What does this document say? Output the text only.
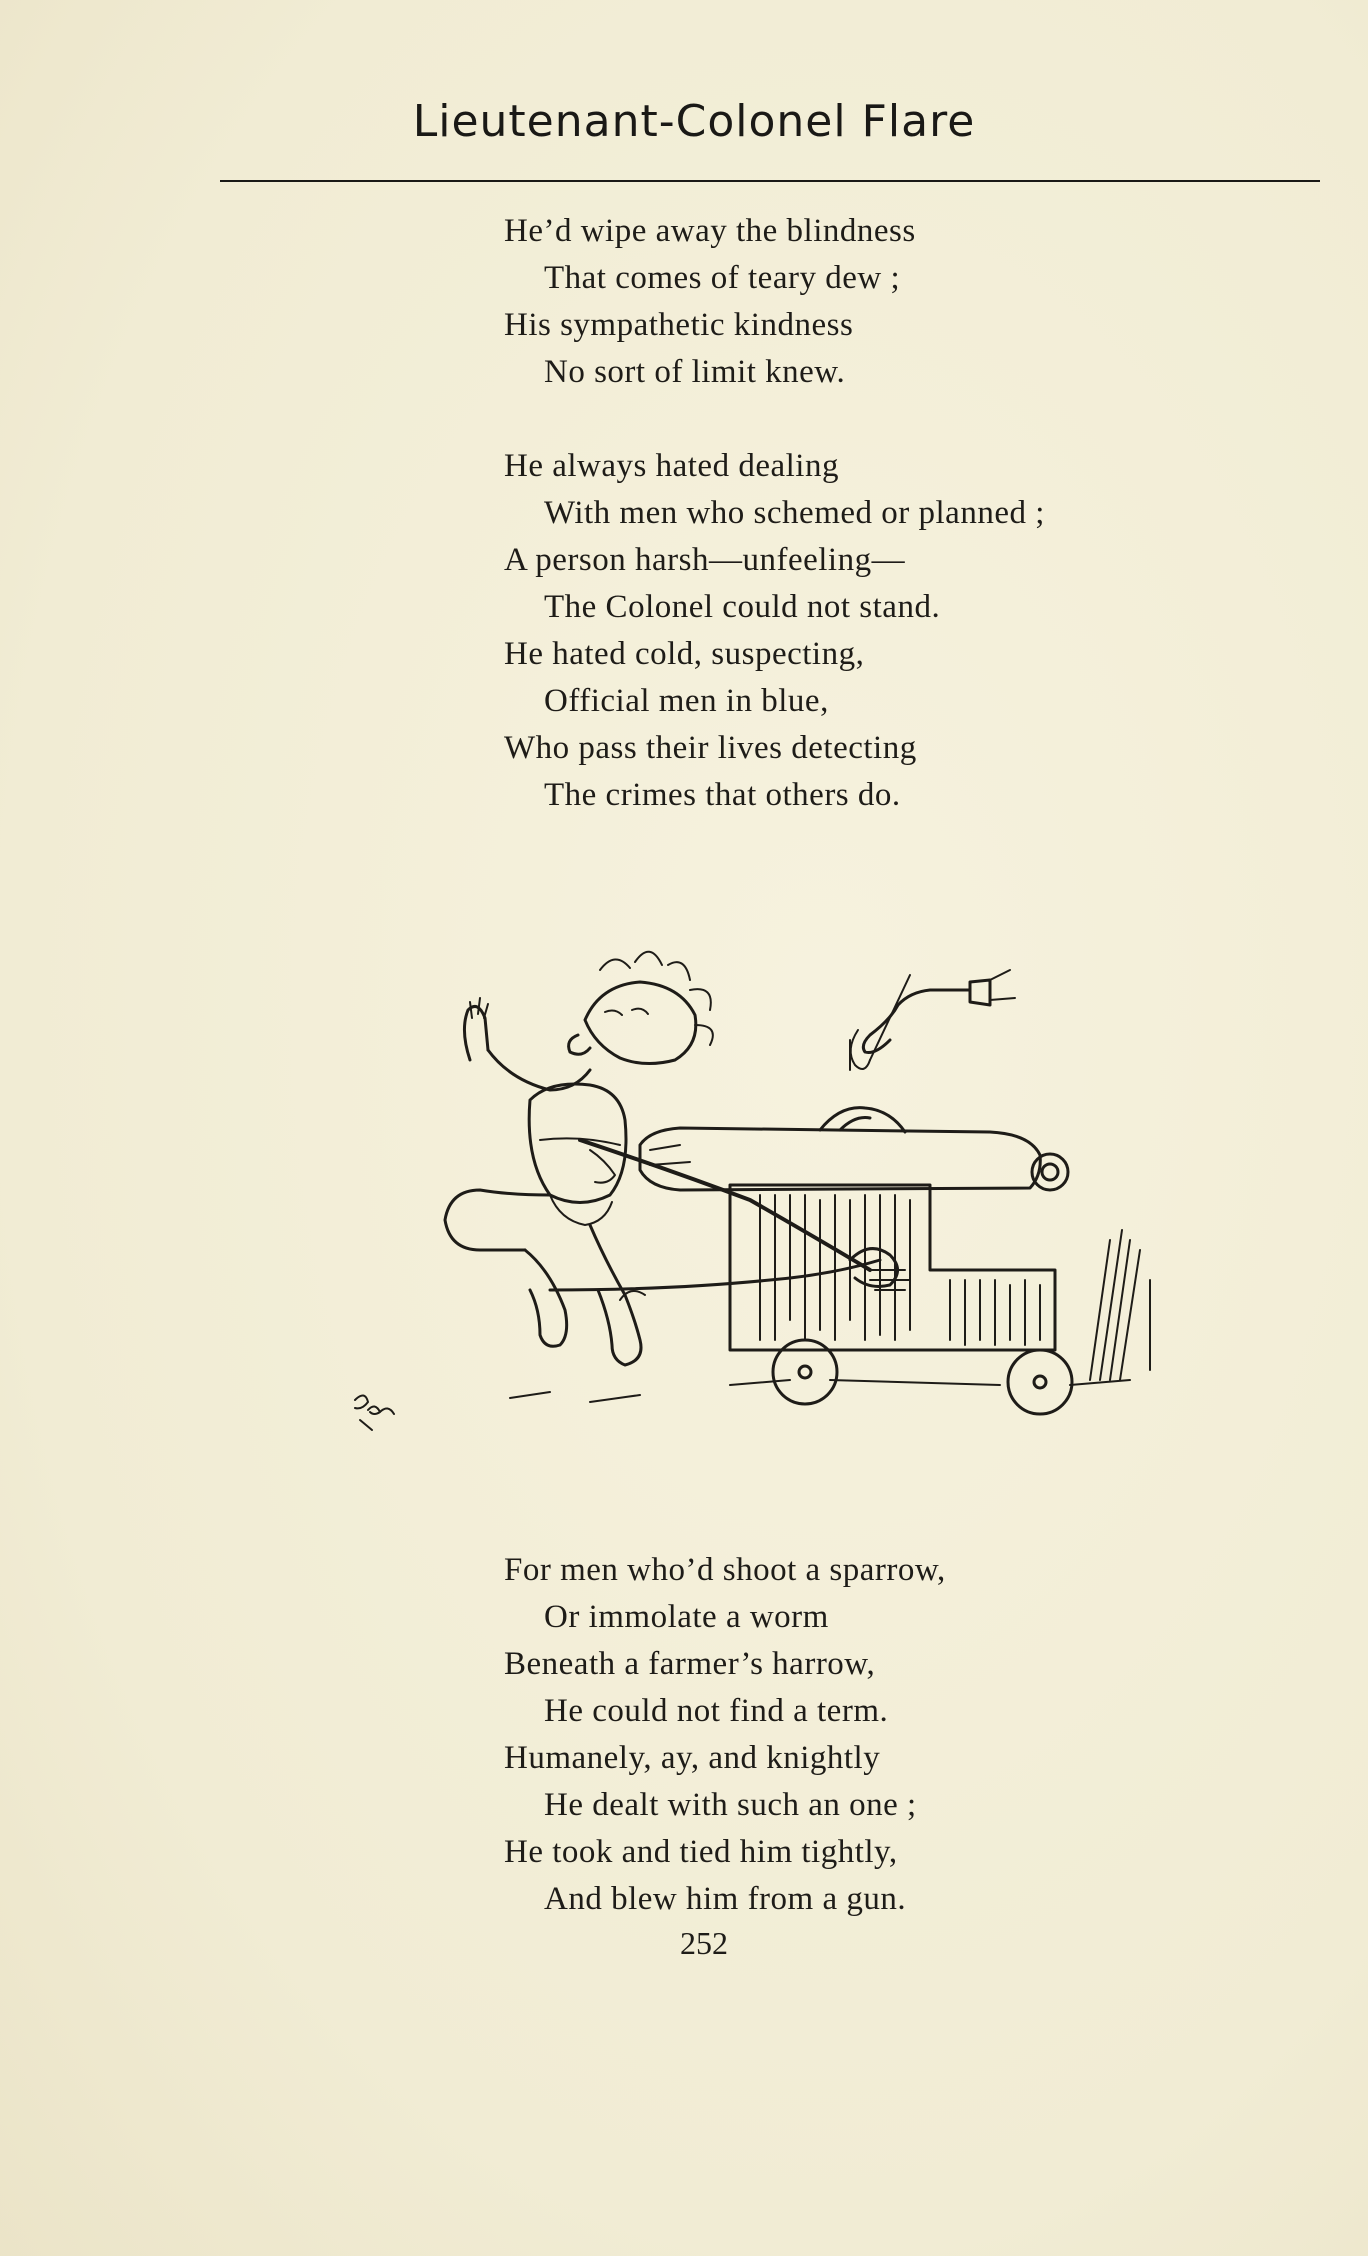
Lieutenant-Colonel Flare
He’d wipe away the blindness
That comes of teary dew ;
His sympathetic kindness
No sort of limit knew.
He always hated dealing
With men who schemed or planned ;
A person harsh—unfeeling—
The Colonel could not stand.
He hated cold, suspecting,
Official men in blue,
Who pass their lives detecting
The crimes that others do.
For men who’d shoot a sparrow,
Or immolate a worm
Beneath a farmer’s harrow,
He could not find a term.
Humanely, ay, and knightly
He dealt with such an one ;
He took and tied him tightly,
And blew him from a gun.
252
